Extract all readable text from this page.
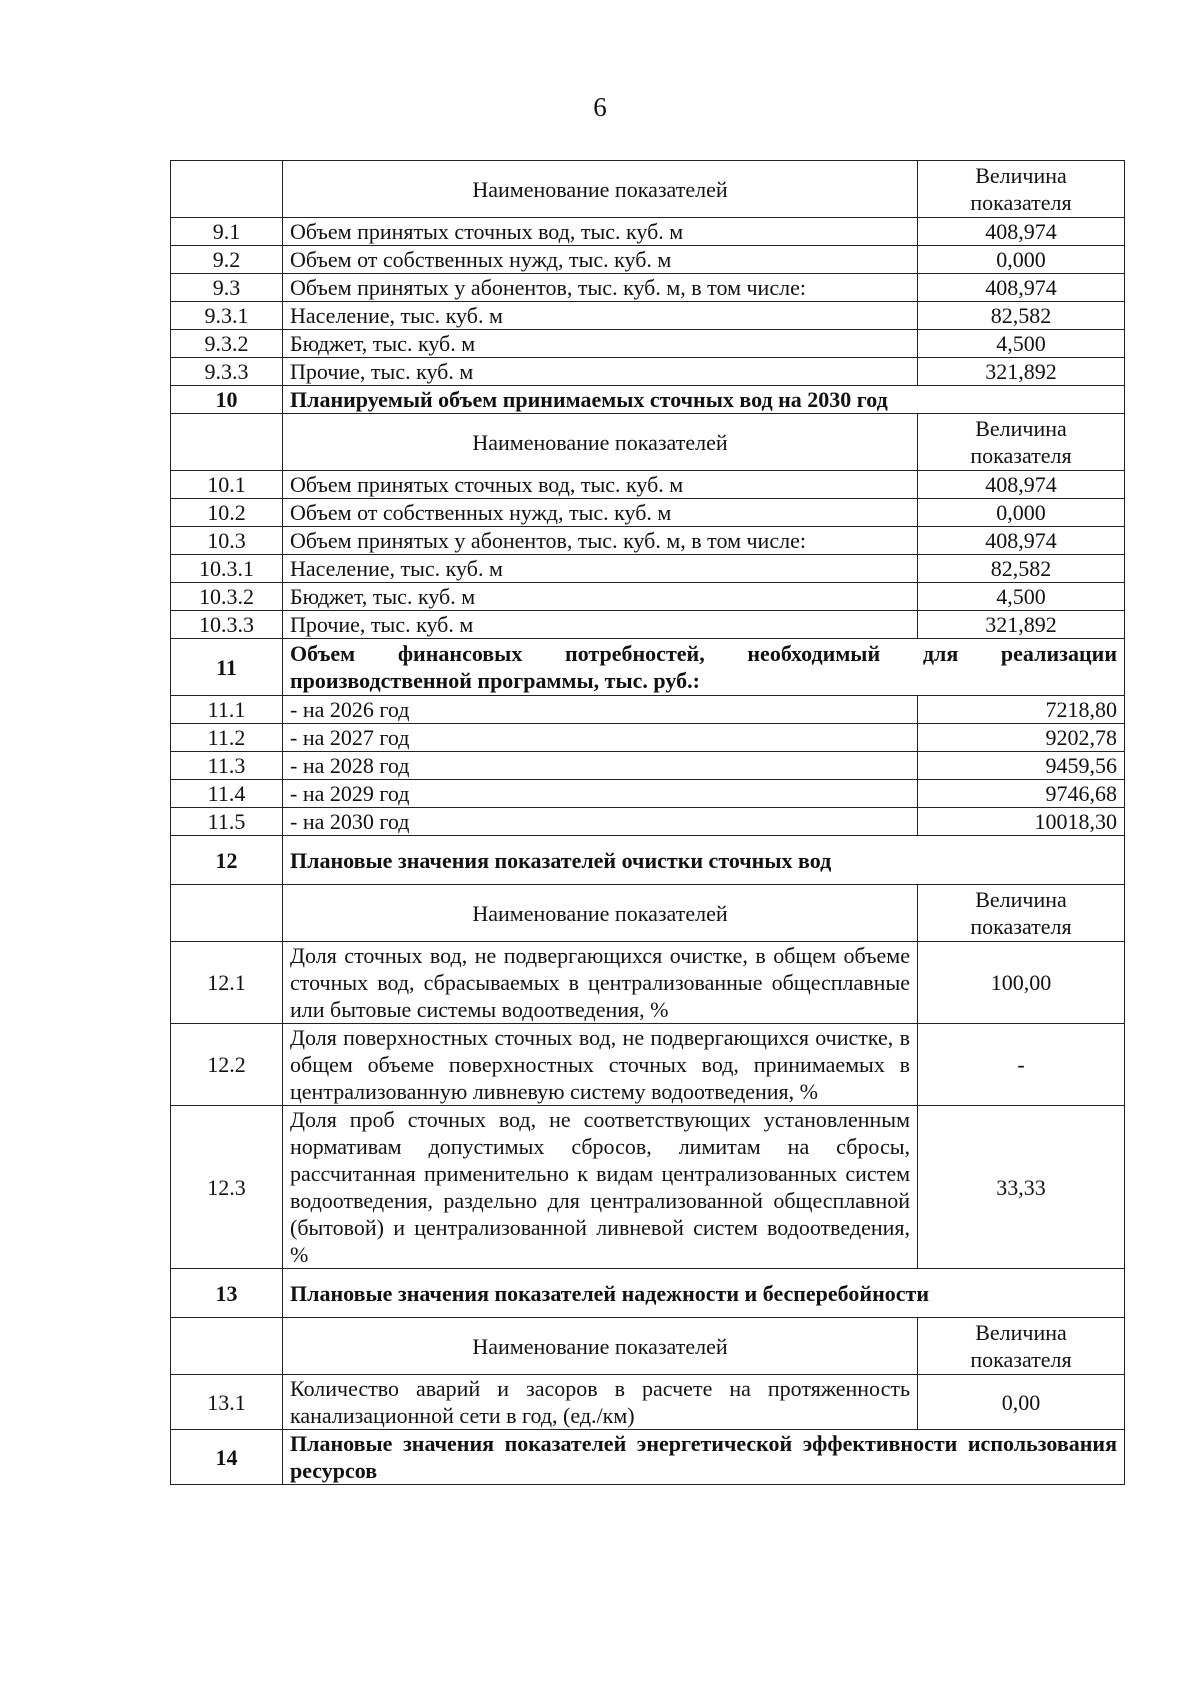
6
	Наименование показателей	Величина показателя
9.1	Объем принятых сточных вод, тыс. куб. м	408,974
9.2	Объем от собственных нужд, тыс. куб. м	0,000
9.3	Объем принятых у абонентов, тыс. куб. м, в том числе:	408,974
9.3.1	Население, тыс. куб. м	82,582
9.3.2	Бюджет, тыс. куб. м	4,500
9.3.3	Прочие, тыс. куб. м	321,892
10	Планируемый объем принимаемых сточных вод на 2030 год	
	Наименование показателей	Величина показателя
10.1	Объем принятых сточных вод, тыс. куб. м	408,974
10.2	Объем от собственных нужд, тыс. куб. м	0,000
10.3	Объем принятых у абонентов, тыс. куб. м, в том числе:	408,974
10.3.1	Население, тыс. куб. м	82,582
10.3.2	Бюджет, тыс. куб. м	4,500
10.3.3	Прочие, тыс. куб. м	321,892
11	Объем финансовых потребностей, необходимый для реализации производственной программы, тыс. руб.:	
11.1	- на 2026 год	7218,80
11.2	- на 2027 год	9202,78
11.3	- на 2028 год	9459,56
11.4	- на 2029 год	9746,68
11.5	- на 2030 год	10018,30
12	Плановые значения показателей очистки сточных вод	
	Наименование показателей	Величина показателя
12.1	Доля сточных вод, не подвергающихся очистке, в общем объеме сточных вод, сбрасываемых в централизованные общесплавные или бытовые системы водоотведения, %	100,00
12.2	Доля поверхностных сточных вод, не подвергающихся очистке, в общем объеме поверхностных сточных вод, принимаемых в централизованную ливневую систему водоотведения, %	-
12.3	Доля проб сточных вод, не соответствующих установленным нормативам допустимых сбросов, лимитам на сбросы, рассчитанная применительно к видам централизованных систем водоотведения, раздельно для централизованной общесплавной (бытовой) и централизованной ливневой систем водоотведения, %	33,33
13	Плановые значения показателей надежности и бесперебойности	
	Наименование показателей	Величина показателя
13.1	Количество аварий и засоров в расчете на протяженность канализационной сети в год, (ед./км)	0,00
14	Плановые значения показателей энергетической эффективности использования ресурсов	
